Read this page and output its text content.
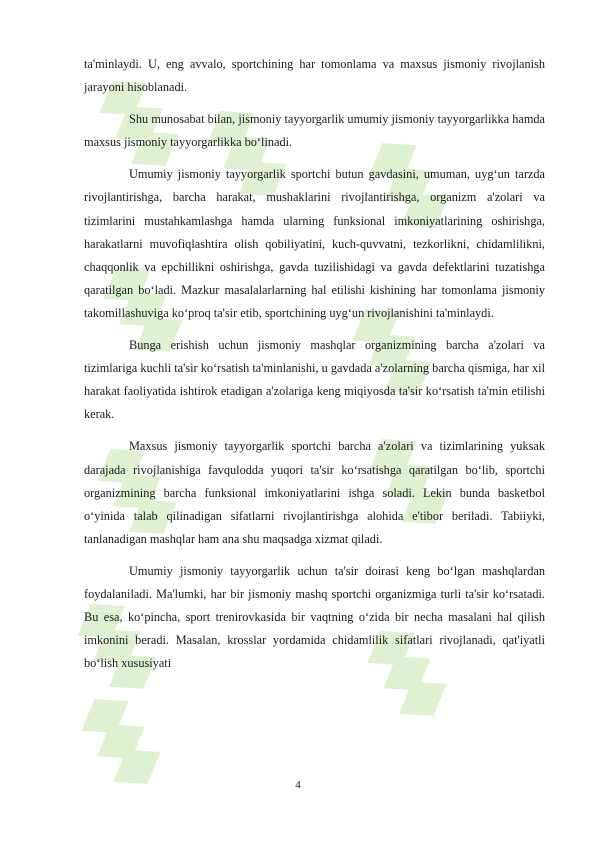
ta'minlaydi. U, eng avvalo, sportchining har tomonlama va maxsus jismoniy rivojlanish jarayoni hisoblanadi.

Shu munosabat bilan, jismoniy tayyorgarlik umumiy jismoniy tayyorgarlikka hamda maxsus jismoniy tayyorgarlikka bo‘linadi.

Umumiy jismoniy tayyorgarlik sportchi butun gavdasini, umuman, uyg‘un tarzda rivojlantirishga, barcha harakat, mushaklarini rivojlantirishga, organizm a'zolari va tizimlarini mustahkamlashga hamda ularning funksional imkoniyatlarining oshirishga, harakatlarni muvofiqlashtira olish qobiliyatini, kuch-quvvatni, tezkorlikni, chidamlilikni, chaqqonlik va epchillikni oshirishga, gavda tuzilishidagi va gavda defektlarini tuzatishga qaratilgan bo‘ladi. Mazkur masalalarlarning hal etilishi kishining har tomonlama jismoniy takomillashuviga ko‘proq ta'sir etib, sportchining uyg‘un rivojlanishini ta'minlaydi.

Bunga erishish uchun jismoniy mashqlar organizmining barcha a'zolari va tizimlariga kuchli ta'sir ko‘rsatish ta'minlanishi, u gavdada a'zolarning barcha qismiga, har xil harakat faoliyatida ishtirok etadigan a'zolariga keng miqiyosda ta'sir ko‘rsatish ta'min etilishi kerak.

Maxsus jismoniy tayyorgarlik sportchi barcha a'zolari va tizimlarining yuksak darajada rivojlanishiga favqulodda yuqori ta'sir ko‘rsatishga qaratilgan bo‘lib, sportchi organizmining barcha funksional imkoniyatlarini ishga soladi. Lekin bunda basketbol o‘yinida talab qilinadigan sifatlarni rivojlantirishga alohida e'tibor beriladi. Tabiiyki, tanlanadigan mashqlar ham ana shu maqsadga xizmat qiladi.

Umumiy jismoniy tayyorgarlik uchun ta'sir doirasi keng bo‘lgan mashqlardan foydalaniladi. Ma'lumki, har bir jismoniy mashq sportchi organizmiga turli ta'sir ko‘rsatadi. Bu esa, ko‘pincha, sport trenirovkasida bir vaqtning o‘zida bir necha masalani hal qilish imkonini beradi. Masalan, krosslar yordamida chidamlilik sifatlari rivojlanadi, qat'iyatli bo‘lish xususiyati

4
